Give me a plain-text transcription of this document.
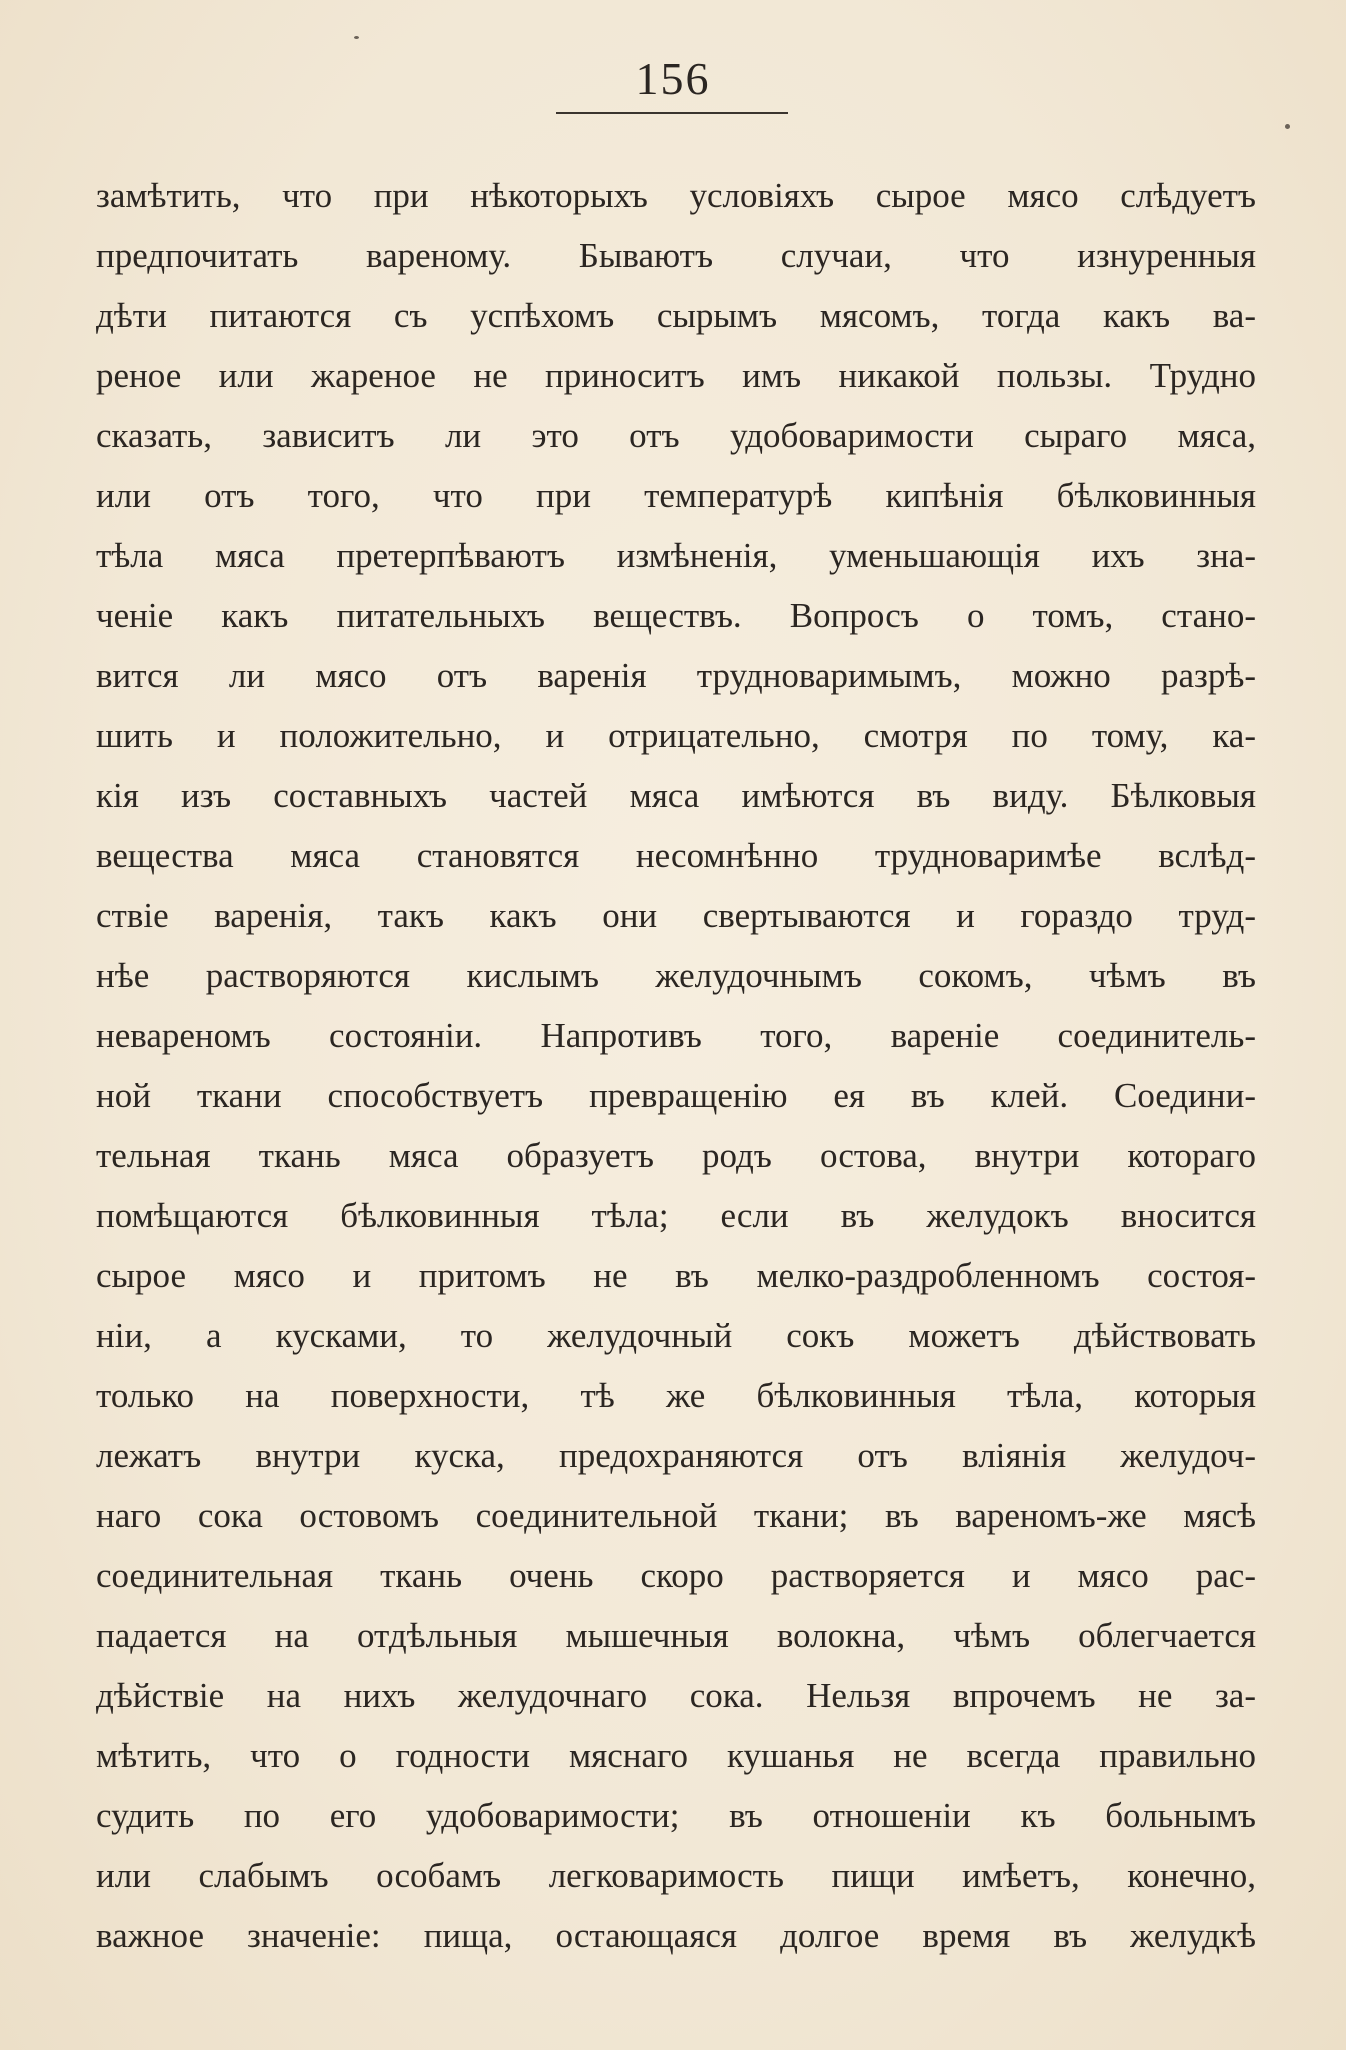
156
замѣтить, что при нѣкоторыхъ условіяхъ сырое мясо слѣдуетъ
предпочитать вареному. Бываютъ случаи, что изнуренныя
дѣти питаются съ успѣхомъ сырымъ мясомъ, тогда какъ ва-
реное или жареное не приноситъ имъ никакой пользы. Трудно
сказать, зависитъ ли это отъ удобоваримости сыраго мяса,
или отъ того, что при температурѣ кипѣнія бѣлковинныя
тѣла мяса претерпѣваютъ измѣненія, уменьшающія ихъ зна-
ченіе какъ питательныхъ веществъ. Вопросъ о томъ, стано-
вится ли мясо отъ варенія трудноваримымъ, можно разрѣ-
шить и положительно, и отрицательно, смотря по тому, ка-
кія изъ составныхъ частей мяса имѣются въ виду. Бѣлковыя
вещества мяса становятся несомнѣнно трудноваримѣе вслѣд-
ствіе варенія, такъ какъ они свертываются и гораздо труд-
нѣе растворяются кислымъ желудочнымъ сокомъ, чѣмъ въ
невареномъ состояніи. Напротивъ того, вареніе соединитель-
ной ткани способствуетъ превращенію ея въ клей. Соедини-
тельная ткань мяса образуетъ родъ остова, внутри котораго
помѣщаются бѣлковинныя тѣла; если въ желудокъ вносится
сырое мясо и притомъ не въ мелко-раздробленномъ состоя-
ніи, а кусками, то желудочный сокъ можетъ дѣйствовать
только на поверхности, тѣ же бѣлковинныя тѣла, которыя
лежатъ внутри куска, предохраняются отъ вліянія желудоч-
наго сока остовомъ соединительной ткани; въ вареномъ-же мясѣ
соединительная ткань очень скоро растворяется и мясо рас-
падается на отдѣльныя мышечныя волокна, чѣмъ облегчается
дѣйствіе на нихъ желудочнаго сока. Нельзя впрочемъ не за-
мѣтить, что о годности мяснаго кушанья не всегда правильно
судить по его удобоваримости; въ отношеніи къ больнымъ
или слабымъ особамъ легковаримость пищи имѣетъ, конечно,
важное значеніе: пища, остающаяся долгое время въ желудкѣ
